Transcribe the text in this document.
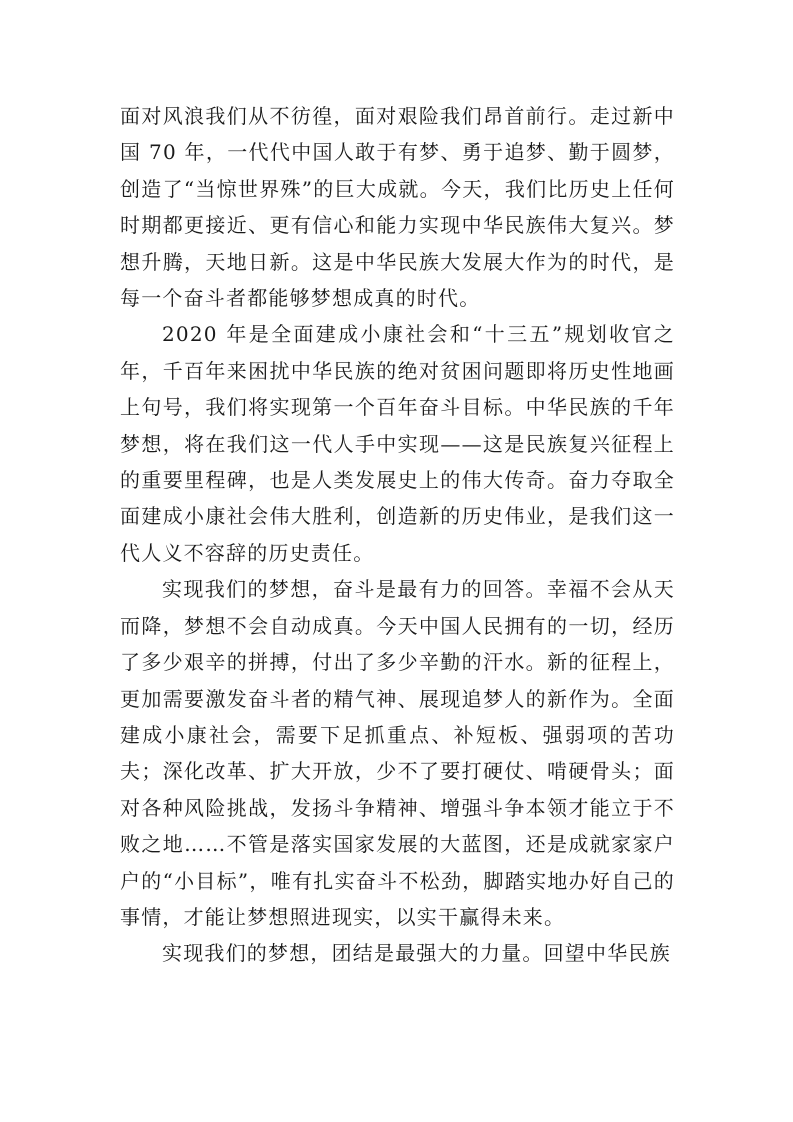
面对风浪我们从不彷徨，面对艰险我们昂首前行。走过新中国 70 年，一代代中国人敢于有梦、勇于追梦、勤于圆梦，创造了“当惊世界殊”的巨大成就。今天，我们比历史上任何时期都更接近、更有信心和能力实现中华民族伟大复兴。梦想升腾，天地日新。这是中华民族大发展大作为的时代，是每一个奋斗者都能够梦想成真的时代。

2020 年是全面建成小康社会和“十三五”规划收官之年，千百年来困扰中华民族的绝对贫困问题即将历史性地画上句号，我们将实现第一个百年奋斗目标。中华民族的千年梦想，将在我们这一代人手中实现——这是民族复兴征程上的重要里程碑，也是人类发展史上的伟大传奇。奋力夺取全面建成小康社会伟大胜利，创造新的历史伟业，是我们这一代人义不容辞的历史责任。

实现我们的梦想，奋斗是最有力的回答。幸福不会从天而降，梦想不会自动成真。今天中国人民拥有的一切，经历了多少艰辛的拼搏，付出了多少辛勤的汗水。新的征程上，更加需要激发奋斗者的精气神、展现追梦人的新作为。全面建成小康社会，需要下足抓重点、补短板、强弱项的苦功夫；深化改革、扩大开放，少不了要打硬仗、啃硬骨头；面对各种风险挑战，发扬斗争精神、增强斗争本领才能立于不败之地……不管是落实国家发展的大蓝图，还是成就家家户户的“小目标”，唯有扎实奋斗不松劲，脚踏实地办好自己的事情，才能让梦想照进现实，以实干赢得未来。

实现我们的梦想，团结是最强大的力量。回望中华民族
